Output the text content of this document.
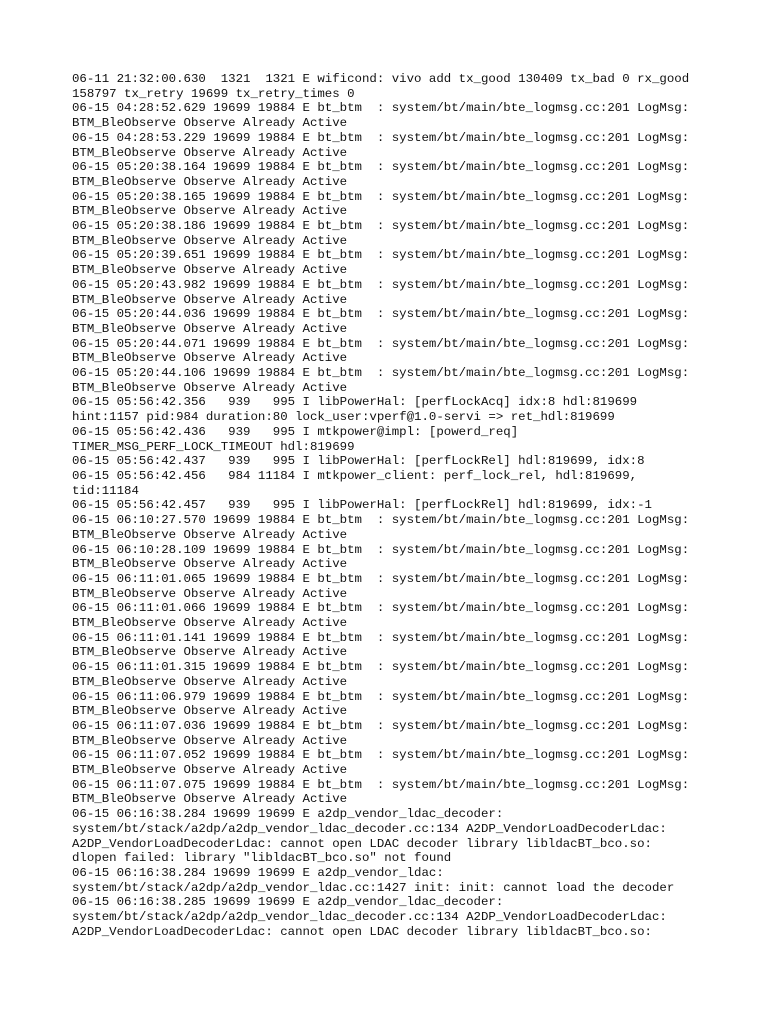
06-11 21:32:00.630  1321  1321 E wificond: vivo add tx_good 130409 tx_bad 0 rx_good
158797 tx_retry 19699 tx_retry_times 0
06-15 04:28:52.629 19699 19884 E bt_btm  : system/bt/main/bte_logmsg.cc:201 LogMsg:
BTM_BleObserve Observe Already Active
06-15 04:28:53.229 19699 19884 E bt_btm  : system/bt/main/bte_logmsg.cc:201 LogMsg:
BTM_BleObserve Observe Already Active
06-15 05:20:38.164 19699 19884 E bt_btm  : system/bt/main/bte_logmsg.cc:201 LogMsg:
BTM_BleObserve Observe Already Active
06-15 05:20:38.165 19699 19884 E bt_btm  : system/bt/main/bte_logmsg.cc:201 LogMsg:
BTM_BleObserve Observe Already Active
06-15 05:20:38.186 19699 19884 E bt_btm  : system/bt/main/bte_logmsg.cc:201 LogMsg:
BTM_BleObserve Observe Already Active
06-15 05:20:39.651 19699 19884 E bt_btm  : system/bt/main/bte_logmsg.cc:201 LogMsg:
BTM_BleObserve Observe Already Active
06-15 05:20:43.982 19699 19884 E bt_btm  : system/bt/main/bte_logmsg.cc:201 LogMsg:
BTM_BleObserve Observe Already Active
06-15 05:20:44.036 19699 19884 E bt_btm  : system/bt/main/bte_logmsg.cc:201 LogMsg:
BTM_BleObserve Observe Already Active
06-15 05:20:44.071 19699 19884 E bt_btm  : system/bt/main/bte_logmsg.cc:201 LogMsg:
BTM_BleObserve Observe Already Active
06-15 05:20:44.106 19699 19884 E bt_btm  : system/bt/main/bte_logmsg.cc:201 LogMsg:
BTM_BleObserve Observe Already Active
06-15 05:56:42.356   939   995 I libPowerHal: [perfLockAcq] idx:8 hdl:819699
hint:1157 pid:984 duration:80 lock_user:vperf@1.0-servi => ret_hdl:819699
06-15 05:56:42.436   939   995 I mtkpower@impl: [powerd_req]
TIMER_MSG_PERF_LOCK_TIMEOUT hdl:819699
06-15 05:56:42.437   939   995 I libPowerHal: [perfLockRel] hdl:819699, idx:8
06-15 05:56:42.456   984 11184 I mtkpower_client: perf_lock_rel, hdl:819699,
tid:11184
06-15 05:56:42.457   939   995 I libPowerHal: [perfLockRel] hdl:819699, idx:-1
06-15 06:10:27.570 19699 19884 E bt_btm  : system/bt/main/bte_logmsg.cc:201 LogMsg:
BTM_BleObserve Observe Already Active
06-15 06:10:28.109 19699 19884 E bt_btm  : system/bt/main/bte_logmsg.cc:201 LogMsg:
BTM_BleObserve Observe Already Active
06-15 06:11:01.065 19699 19884 E bt_btm  : system/bt/main/bte_logmsg.cc:201 LogMsg:
BTM_BleObserve Observe Already Active
06-15 06:11:01.066 19699 19884 E bt_btm  : system/bt/main/bte_logmsg.cc:201 LogMsg:
BTM_BleObserve Observe Already Active
06-15 06:11:01.141 19699 19884 E bt_btm  : system/bt/main/bte_logmsg.cc:201 LogMsg:
BTM_BleObserve Observe Already Active
06-15 06:11:01.315 19699 19884 E bt_btm  : system/bt/main/bte_logmsg.cc:201 LogMsg:
BTM_BleObserve Observe Already Active
06-15 06:11:06.979 19699 19884 E bt_btm  : system/bt/main/bte_logmsg.cc:201 LogMsg:
BTM_BleObserve Observe Already Active
06-15 06:11:07.036 19699 19884 E bt_btm  : system/bt/main/bte_logmsg.cc:201 LogMsg:
BTM_BleObserve Observe Already Active
06-15 06:11:07.052 19699 19884 E bt_btm  : system/bt/main/bte_logmsg.cc:201 LogMsg:
BTM_BleObserve Observe Already Active
06-15 06:11:07.075 19699 19884 E bt_btm  : system/bt/main/bte_logmsg.cc:201 LogMsg:
BTM_BleObserve Observe Already Active
06-15 06:16:38.284 19699 19699 E a2dp_vendor_ldac_decoder:
system/bt/stack/a2dp/a2dp_vendor_ldac_decoder.cc:134 A2DP_VendorLoadDecoderLdac:
A2DP_VendorLoadDecoderLdac: cannot open LDAC decoder library libldacBT_bco.so:
dlopen failed: library "libldacBT_bco.so" not found
06-15 06:16:38.284 19699 19699 E a2dp_vendor_ldac:
system/bt/stack/a2dp/a2dp_vendor_ldac.cc:1427 init: init: cannot load the decoder
06-15 06:16:38.285 19699 19699 E a2dp_vendor_ldac_decoder:
system/bt/stack/a2dp/a2dp_vendor_ldac_decoder.cc:134 A2DP_VendorLoadDecoderLdac:
A2DP_VendorLoadDecoderLdac: cannot open LDAC decoder library libldacBT_bco.so:
